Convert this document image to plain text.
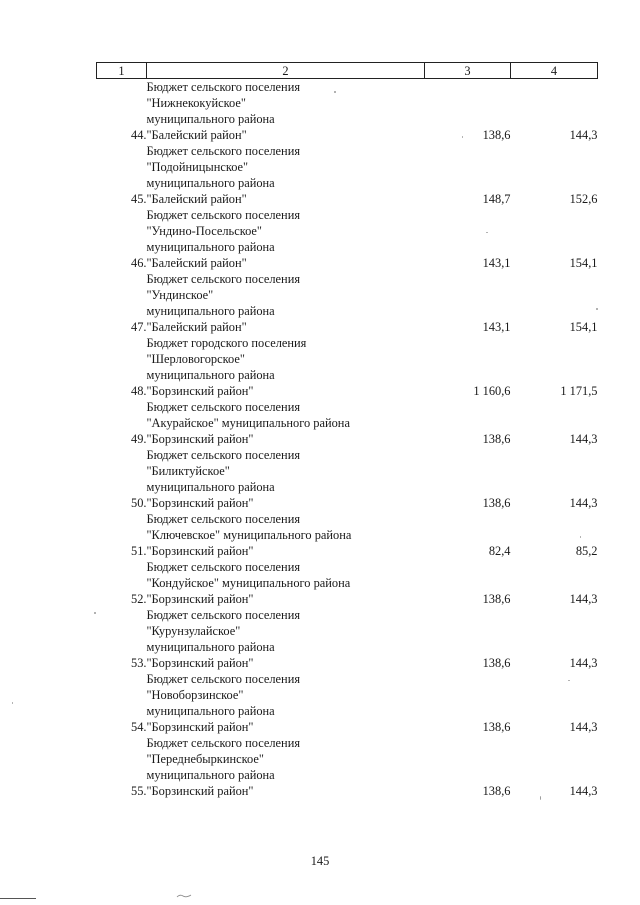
1	2	3	4
44.	Бюджет сельского поселения
"Нижнекокуйское"
муниципального района
"Балейский район"	138,6	144,3
45.	Бюджет сельского поселения
"Подойницынское"
муниципального района
"Балейский район"	148,7	152,6
46.	Бюджет сельского поселения
"Ундино-Посельское"
муниципального района
"Балейский район"	143,1	154,1
47.	Бюджет сельского поселения
"Ундинское"
муниципального района
"Балейский район"	143,1	154,1
48.	Бюджет городского поселения
"Шерловогорское"
муниципального района
"Борзинский район"	1 160,6	1 171,5
49.	Бюджет сельского поселения
"Акурайское" муниципального района
"Борзинский район"	138,6	144,3
50.	Бюджет сельского поселения
"Биликтуйское"
муниципального района
"Борзинский район"	138,6	144,3
51.	Бюджет сельского поселения
"Ключевское" муниципального района
"Борзинский район"	82,4	85,2
52.	Бюджет сельского поселения
"Кондуйское" муниципального района
"Борзинский район"	138,6	144,3
53.	Бюджет сельского поселения
"Курунзулайское"
муниципального района
"Борзинский район"	138,6	144,3
54.	Бюджет сельского поселения
"Новоборзинское"
муниципального района
"Борзинский район"	138,6	144,3
55.	Бюджет сельского поселения
"Переднебыркинское"
муниципального района
"Борзинский район"	138,6	144,3
145
